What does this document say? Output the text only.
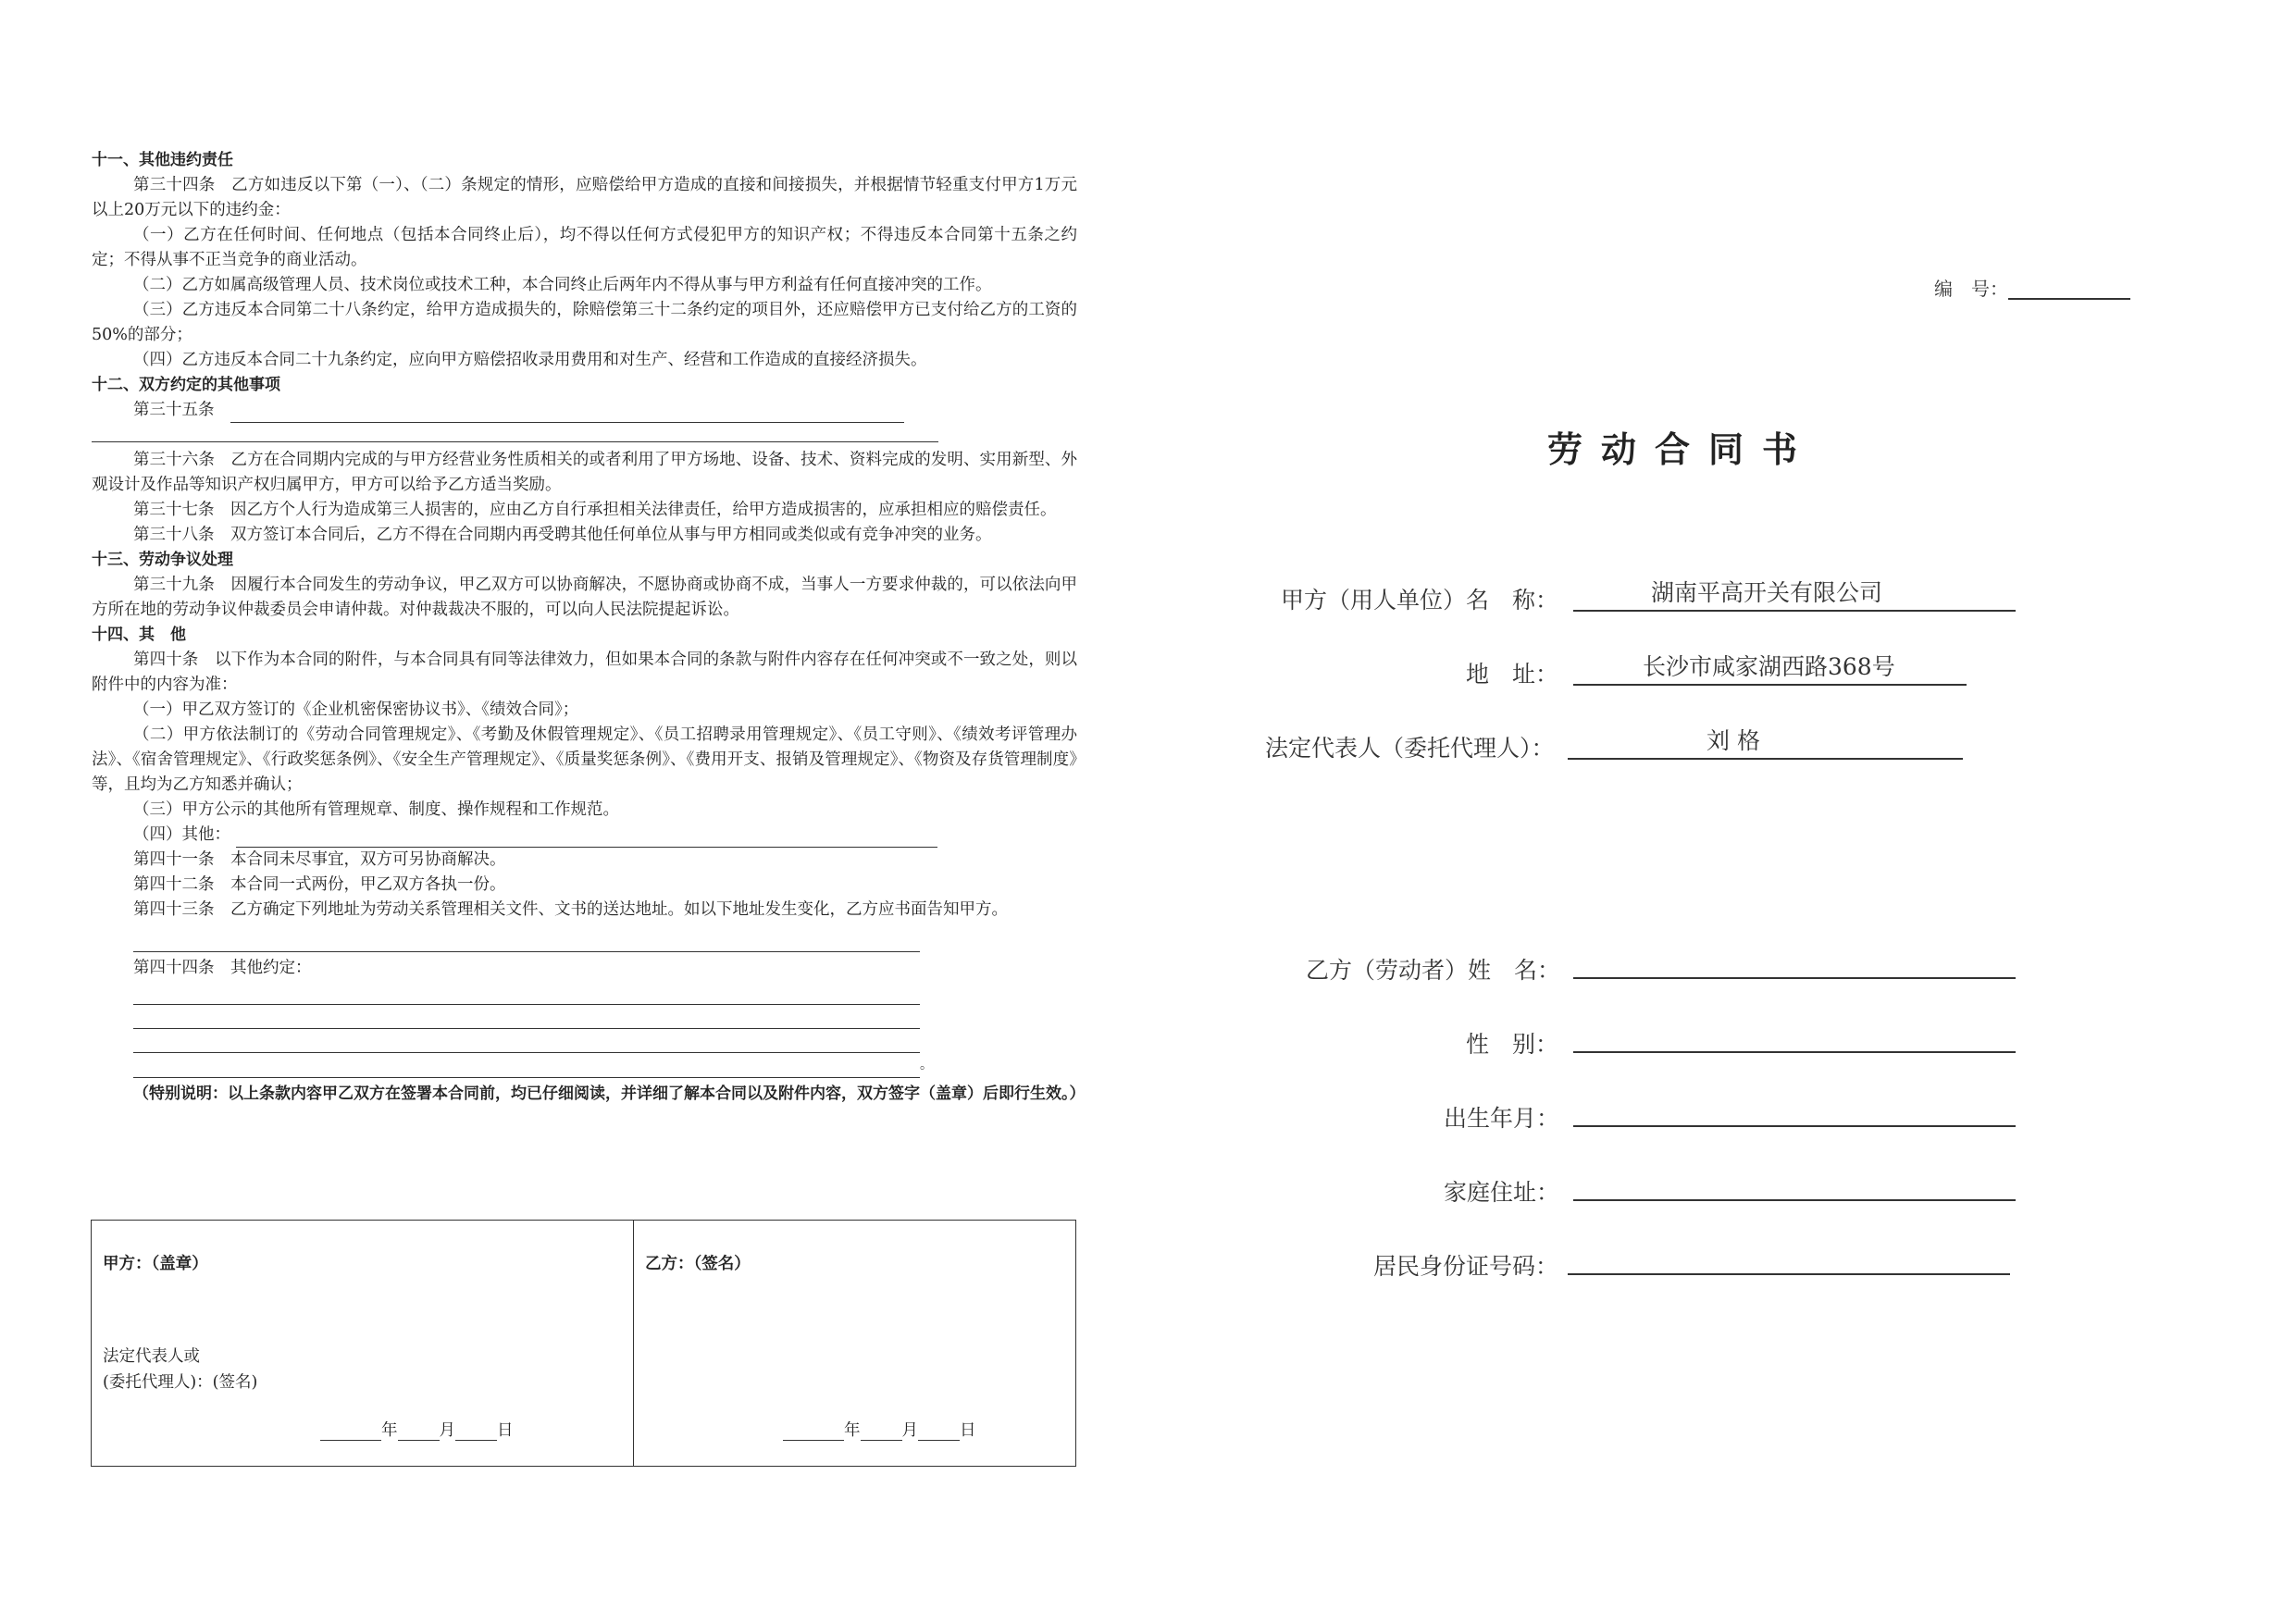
十一、其他违约责任
第三十四条　乙方如违反以下第（一）、（二）条规定的情形，应赔偿给甲方造成的直接和间接损失，并根据情节轻重支付甲方1万元以上20万元以下的违约金：
（一）乙方在任何时间、任何地点（包括本合同终止后），均不得以任何方式侵犯甲方的知识产权；不得违反本合同第十五条之约定；不得从事不正当竞争的商业活动。
（二）乙方如属高级管理人员、技术岗位或技术工种，本合同终止后两年内不得从事与甲方利益有任何直接冲突的工作。
（三）乙方违反本合同第二十八条约定，给甲方造成损失的，除赔偿第三十二条约定的项目外，还应赔偿甲方已支付给乙方的工资的50%的部分；
（四）乙方违反本合同二十九条约定，应向甲方赔偿招收录用费用和对生产、经营和工作造成的直接经济损失。
十二、双方约定的其他事项
第三十五条
第三十六条　乙方在合同期内完成的与甲方经营业务性质相关的或者利用了甲方场地、设备、技术、资料完成的发明、实用新型、外观设计及作品等知识产权归属甲方，甲方可以给予乙方适当奖励。
第三十七条　因乙方个人行为造成第三人损害的，应由乙方自行承担相关法律责任，给甲方造成损害的，应承担相应的赔偿责任。
第三十八条　双方签订本合同后，乙方不得在合同期内再受聘其他任何单位从事与甲方相同或类似或有竞争冲突的业务。
十三、劳动争议处理
第三十九条　因履行本合同发生的劳动争议，甲乙双方可以协商解决，不愿协商或协商不成，当事人一方要求仲裁的，可以依法向甲方所在地的劳动争议仲裁委员会申请仲裁。对仲裁裁决不服的，可以向人民法院提起诉讼。
十四、其　他
第四十条　以下作为本合同的附件，与本合同具有同等法律效力，但如果本合同的条款与附件内容存在任何冲突或不一致之处，则以附件中的内容为准：
（一）甲乙双方签订的《企业机密保密协议书》、《绩效合同》；
（二）甲方依法制订的《劳动合同管理规定》、《考勤及休假管理规定》、《员工招聘录用管理规定》、《员工守则》、《绩效考评管理办法》、《宿舍管理规定》、《行政奖惩条例》、《安全生产管理规定》、《质量奖惩条例》、《费用开支、报销及管理规定》、《物资及存货管理制度》等，且均为乙方知悉并确认；
（三）甲方公示的其他所有管理规章、制度、操作规程和工作规范。
（四）其他：
第四十一条　本合同未尽事宜，双方可另协商解决。
第四十二条　本合同一式两份，甲乙双方各执一份。
第四十三条　乙方确定下列地址为劳动关系管理相关文件、文书的送达地址。如以下地址发生变化，乙方应书面告知甲方。
第四十四条　其他约定：
。
（特别说明：以上条款内容甲乙双方在签署本合同前，均已仔细阅读，并详细了解本合同以及附件内容，双方签字（盖章）后即行生效。）
甲方：（盖章）	乙方：（签名）
法定代表人或
(委托代理人)：(签名)
年	月	日	年	月	日
编　号：
劳动合同书
甲方（用人单位）名　称：	湖南平高开关有限公司
地　址：	长沙市咸家湖西路368号
法定代表人（委托代理人）：	刘 格
乙方（劳动者）姓　名：
性　别：
出生年月：
家庭住址：
居民身份证号码：
